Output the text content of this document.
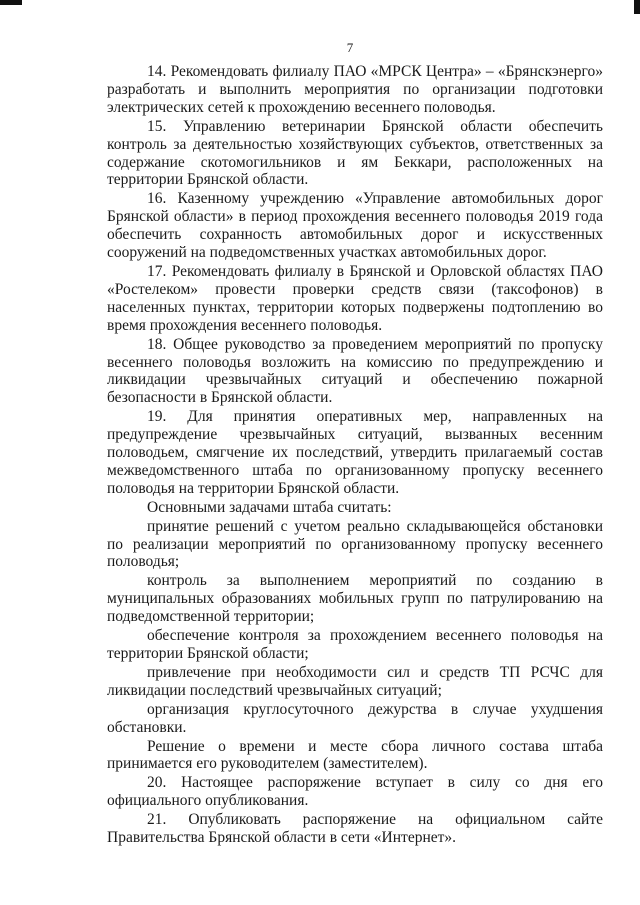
7

14. Рекомендовать филиалу ПАО «МРСК Центра» – «Брянскэнерго» разработать и выполнить мероприятия по организации подготовки электрических сетей к прохождению весеннего половодья.

15. Управлению ветеринарии Брянской области обеспечить контроль за деятельностью хозяйствующих субъектов, ответственных за содержание скотомогильников и ям Беккари, расположенных на территории Брянской области.

16. Казенному учреждению «Управление автомобильных дорог Брянской области» в период прохождения весеннего половодья 2019 года обеспечить сохранность автомобильных дорог и искусственных сооружений на подведомственных участках автомобильных дорог.

17. Рекомендовать филиалу в Брянской и Орловской областях ПАО «Ростелеком» провести проверки средств связи (таксофонов) в населенных пунктах, территории которых подвержены подтоплению во время прохождения весеннего половодья.

18. Общее руководство за проведением мероприятий по пропуску весеннего половодья возложить на комиссию по предупреждению и ликвидации чрезвычайных ситуаций и обеспечению пожарной безопасности в Брянской области.

19. Для принятия оперативных мер, направленных на предупреждение чрезвычайных ситуаций, вызванных весенним половодьем, смягчение их последствий, утвердить прилагаемый состав межведомственного штаба по организованному пропуску весеннего половодья на территории Брянской области.

Основными задачами штаба считать:

принятие решений с учетом реально складывающейся обстановки по реализации мероприятий по организованному пропуску весеннего половодья;

контроль за выполнением мероприятий по созданию в муниципальных образованиях мобильных групп по патрулированию на подведомственной территории;

обеспечение контроля за прохождением весеннего половодья на территории Брянской области;

привлечение при необходимости сил и средств ТП РСЧС для ликвидации последствий чрезвычайных ситуаций;

организация круглосуточного дежурства в случае ухудшения обстановки.

Решение о времени и месте сбора личного состава штаба принимается его руководителем (заместителем).

20. Настоящее распоряжение вступает в силу со дня его официального опубликования.

21. Опубликовать распоряжение на официальном сайте Правительства Брянской области в сети «Интернет».
